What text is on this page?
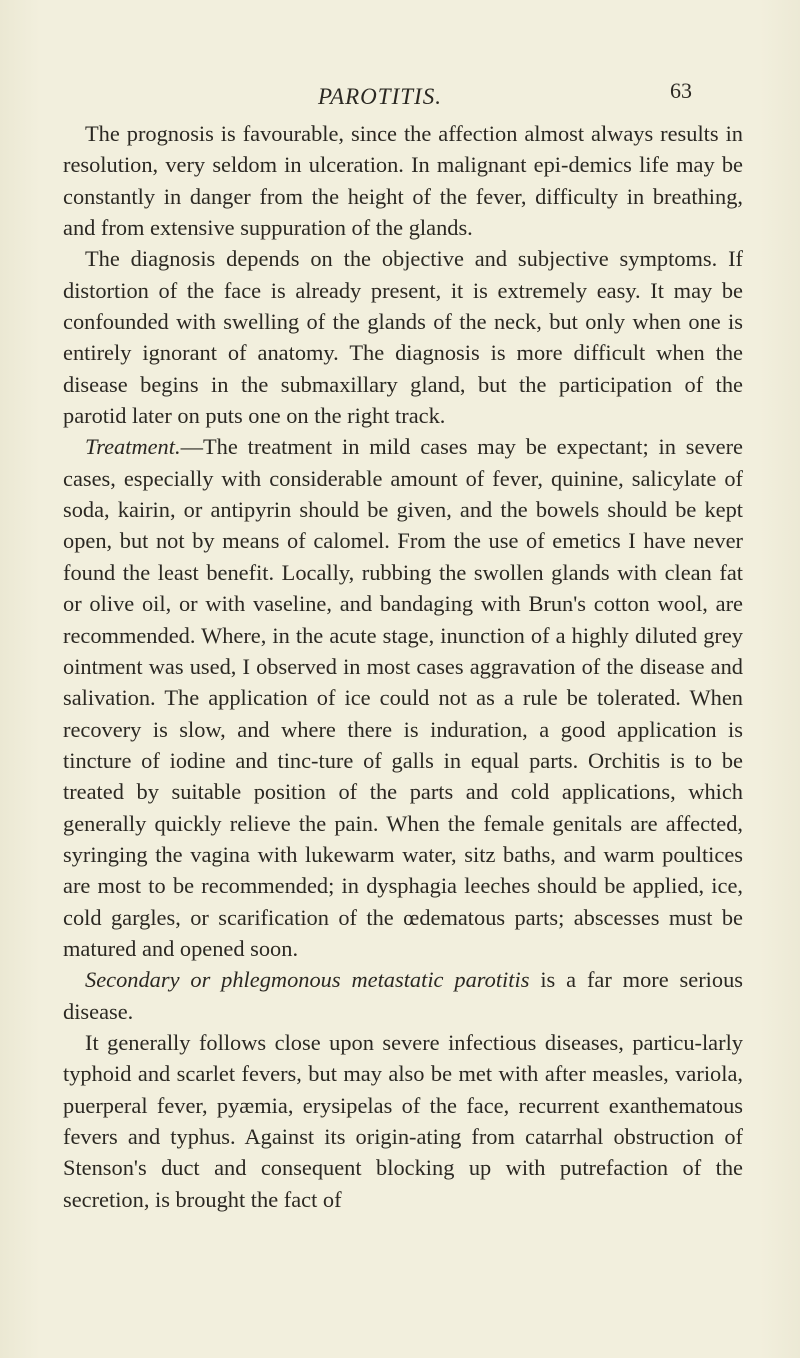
PAROTITIS.	63

The prognosis is favourable, since the affection almost always results in resolution, very seldom in ulceration. In malignant epi-demics life may be constantly in danger from the height of the fever, difficulty in breathing, and from extensive suppuration of the glands.

The diagnosis depends on the objective and subjective symptoms. If distortion of the face is already present, it is extremely easy. It may be confounded with swelling of the glands of the neck, but only when one is entirely ignorant of anatomy. The diagnosis is more difficult when the disease begins in the submaxillary gland, but the participation of the parotid later on puts one on the right track.

Treatment.—The treatment in mild cases may be expectant; in severe cases, especially with considerable amount of fever, quinine, salicylate of soda, kairin, or antipyrin should be given, and the bowels should be kept open, but not by means of calomel. From the use of emetics I have never found the least benefit. Locally, rubbing the swollen glands with clean fat or olive oil, or with vaseline, and bandaging with Brun's cotton wool, are recommended. Where, in the acute stage, inunction of a highly diluted grey ointment was used, I observed in most cases aggravation of the disease and salivation. The application of ice could not as a rule be tolerated. When recovery is slow, and where there is induration, a good application is tincture of iodine and tinc-ture of galls in equal parts. Orchitis is to be treated by suitable position of the parts and cold applications, which generally quickly relieve the pain. When the female genitals are affected, syringing the vagina with lukewarm water, sitz baths, and warm poultices are most to be recommended; in dysphagia leeches should be applied, ice, cold gargles, or scarification of the œdematous parts; abscesses must be matured and opened soon.

Secondary or phlegmonous metastatic parotitis is a far more serious disease.

It generally follows close upon severe infectious diseases, particu-larly typhoid and scarlet fevers, but may also be met with after measles, variola, puerperal fever, pyæmia, erysipelas of the face, recurrent exanthematous fevers and typhus. Against its origin-ating from catarrhal obstruction of Stenson's duct and consequent blocking up with putrefaction of the secretion, is brought the fact of
